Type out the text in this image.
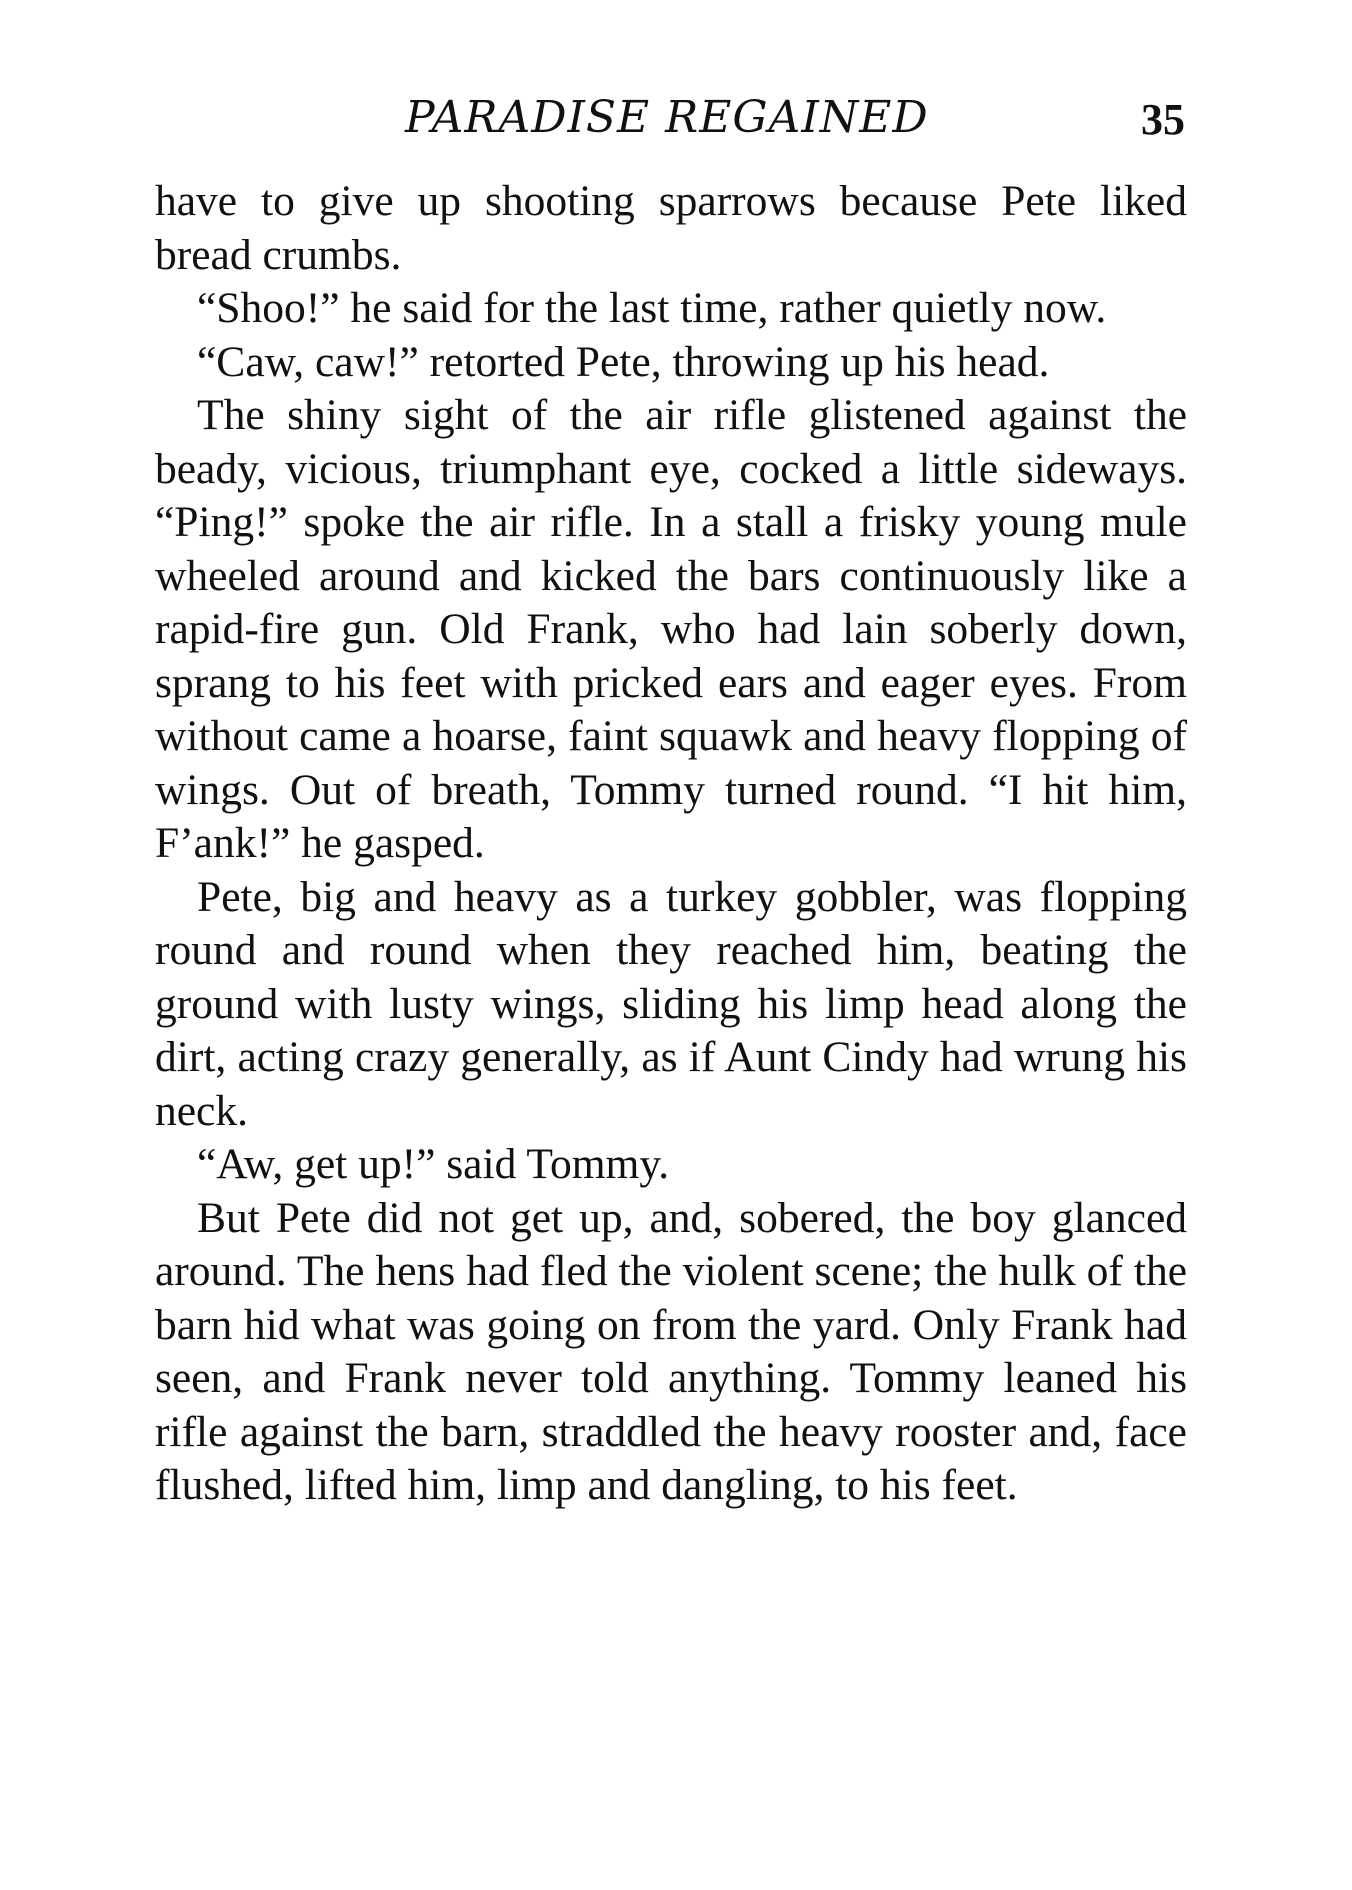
PARADISE REGAINED	35

have to give up shooting sparrows because Pete liked bread crumbs.

“Shoo!” he said for the last time, rather quietly now.

“Caw, caw!” retorted Pete, throwing up his head.

The shiny sight of the air rifle glistened against the beady, vicious, triumphant eye, cocked a little sideways. “Ping!” spoke the air rifle. In a stall a frisky young mule wheeled around and kicked the bars continuously like a rapid-fire gun. Old Frank, who had lain soberly down, sprang to his feet with pricked ears and eager eyes. From without came a hoarse, faint squawk and heavy flopping of wings. Out of breath, Tommy turned round. “I hit him, F’ank!” he gasped.

Pete, big and heavy as a turkey gobbler, was flopping round and round when they reached him, beating the ground with lusty wings, sliding his limp head along the dirt, acting crazy generally, as if Aunt Cindy had wrung his neck.

“Aw, get up!” said Tommy.

But Pete did not get up, and, sobered, the boy glanced around. The hens had fled the violent scene; the hulk of the barn hid what was going on from the yard. Only Frank had seen, and Frank never told anything. Tommy leaned his rifle against the barn, straddled the heavy rooster and, face flushed, lifted him, limp and dangling, to his feet.
